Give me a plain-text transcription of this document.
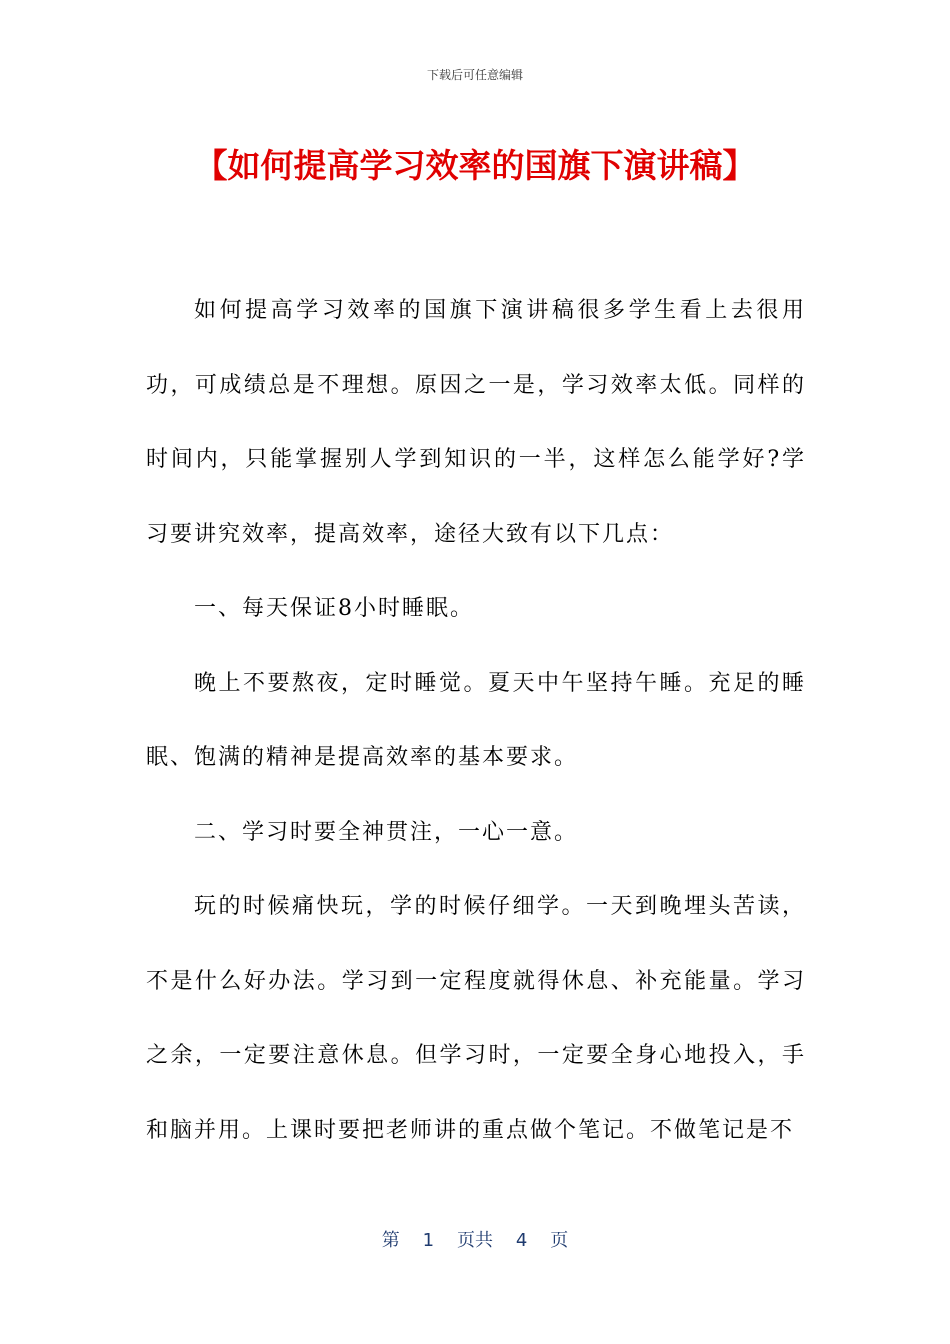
下载后可任意编辑
【如何提高学习效率的国旗下演讲稿】

如何提高学习效率的国旗下演讲稿很多学生看上去很用功，可成绩总是不理想。原因之一是，学习效率太低。同样的时间内，只能掌握别人学到知识的一半，这样怎么能学好?学习要讲究效率，提高效率，途径大致有以下几点：

一、每天保证8小时睡眠。

晚上不要熬夜，定时睡觉。夏天中午坚持午睡。充足的睡眠、饱满的精神是提高效率的基本要求。

二、学习时要全神贯注，一心一意。

玩的时候痛快玩，学的时候仔细学。一天到晚埋头苦读，不是什么好办法。学习到一定程度就得休息、补充能量。学习之余，一定要注意休息。但学习时，一定要全身心地投入，手和脑并用。上课时要把老师讲的重点做个笔记。不做笔记是不

第 1 页共 4 页
